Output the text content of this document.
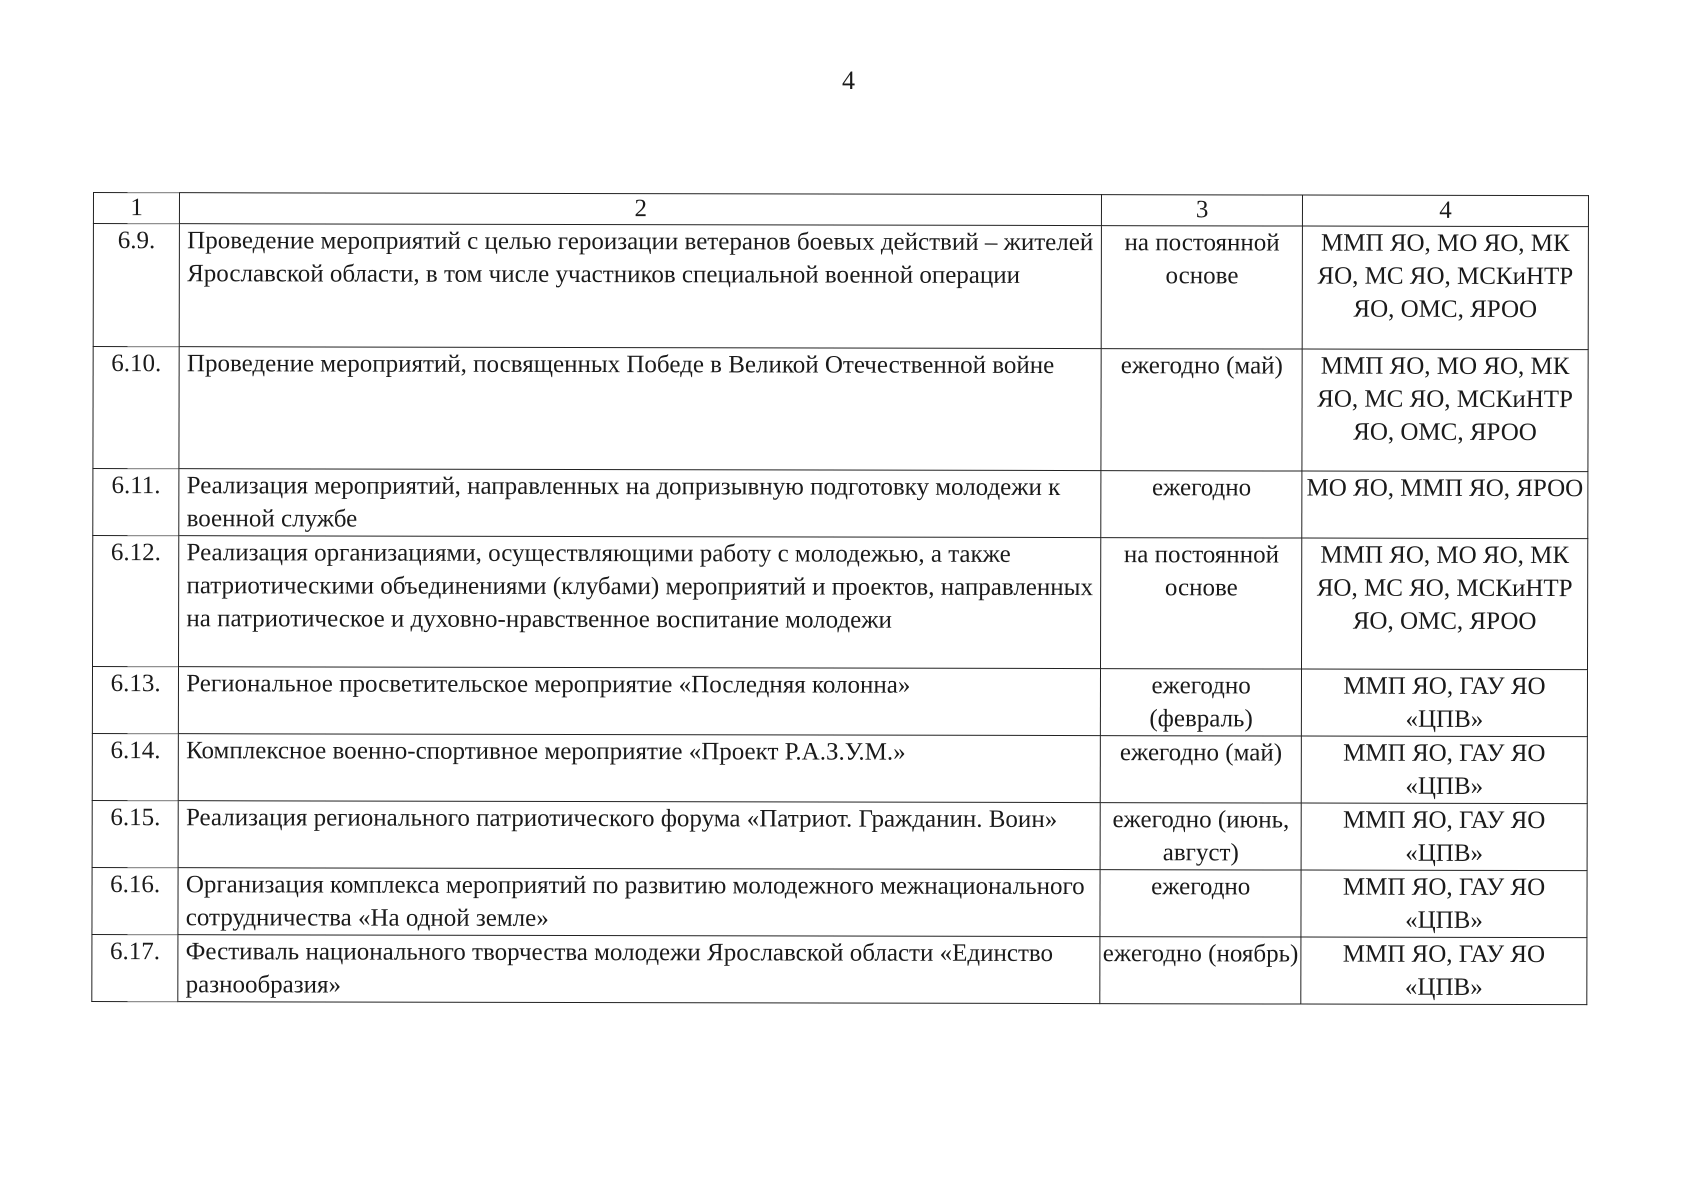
4
1	2	3	4
6.9.	Проведение мероприятий с целью героизации ветеранов боевых действий – жителей Ярославской области, в том числе участников специальной военной операции	на постоянной основе	ММП ЯО, МО ЯО, МК ЯО, МС ЯО, МСКиНТР ЯО, ОМС, ЯРОО
6.10.	Проведение мероприятий, посвященных Победе в Великой Отечественной войне	ежегодно (май)	ММП ЯО, МО ЯО, МК ЯО, МС ЯО, МСКиНТР ЯО, ОМС, ЯРОО
6.11.	Реализация мероприятий, направленных на допризывную подготовку молодежи к военной службе	ежегодно	МО ЯО, ММП ЯО, ЯРОО
6.12.	Реализация организациями, осуществляющими работу с молодежью, а также патриотическими объединениями (клубами) мероприятий и проектов, направленных на патриотическое и духовно-нравственное воспитание молодежи	на постоянной основе	ММП ЯО, МО ЯО, МК ЯО, МС ЯО, МСКиНТР ЯО, ОМС, ЯРОО
6.13.	Региональное просветительское мероприятие «Последняя колонна»	ежегодно (февраль)	ММП ЯО, ГАУ ЯО «ЦПВ»
6.14.	Комплексное военно-спортивное мероприятие «Проект Р.А.З.У.М.»	ежегодно (май)	ММП ЯО, ГАУ ЯО «ЦПВ»
6.15.	Реализация регионального патриотического форума «Патриот. Гражданин. Воин»	ежегодно (июнь, август)	ММП ЯО, ГАУ ЯО «ЦПВ»
6.16.	Организация комплекса мероприятий по развитию молодежного межнационального сотрудничества «На одной земле»	ежегодно	ММП ЯО, ГАУ ЯО «ЦПВ»
6.17.	Фестиваль национального творчества молодежи Ярославской области «Единство разнообразия»	ежегодно (ноябрь)	ММП ЯО, ГАУ ЯО «ЦПВ»
